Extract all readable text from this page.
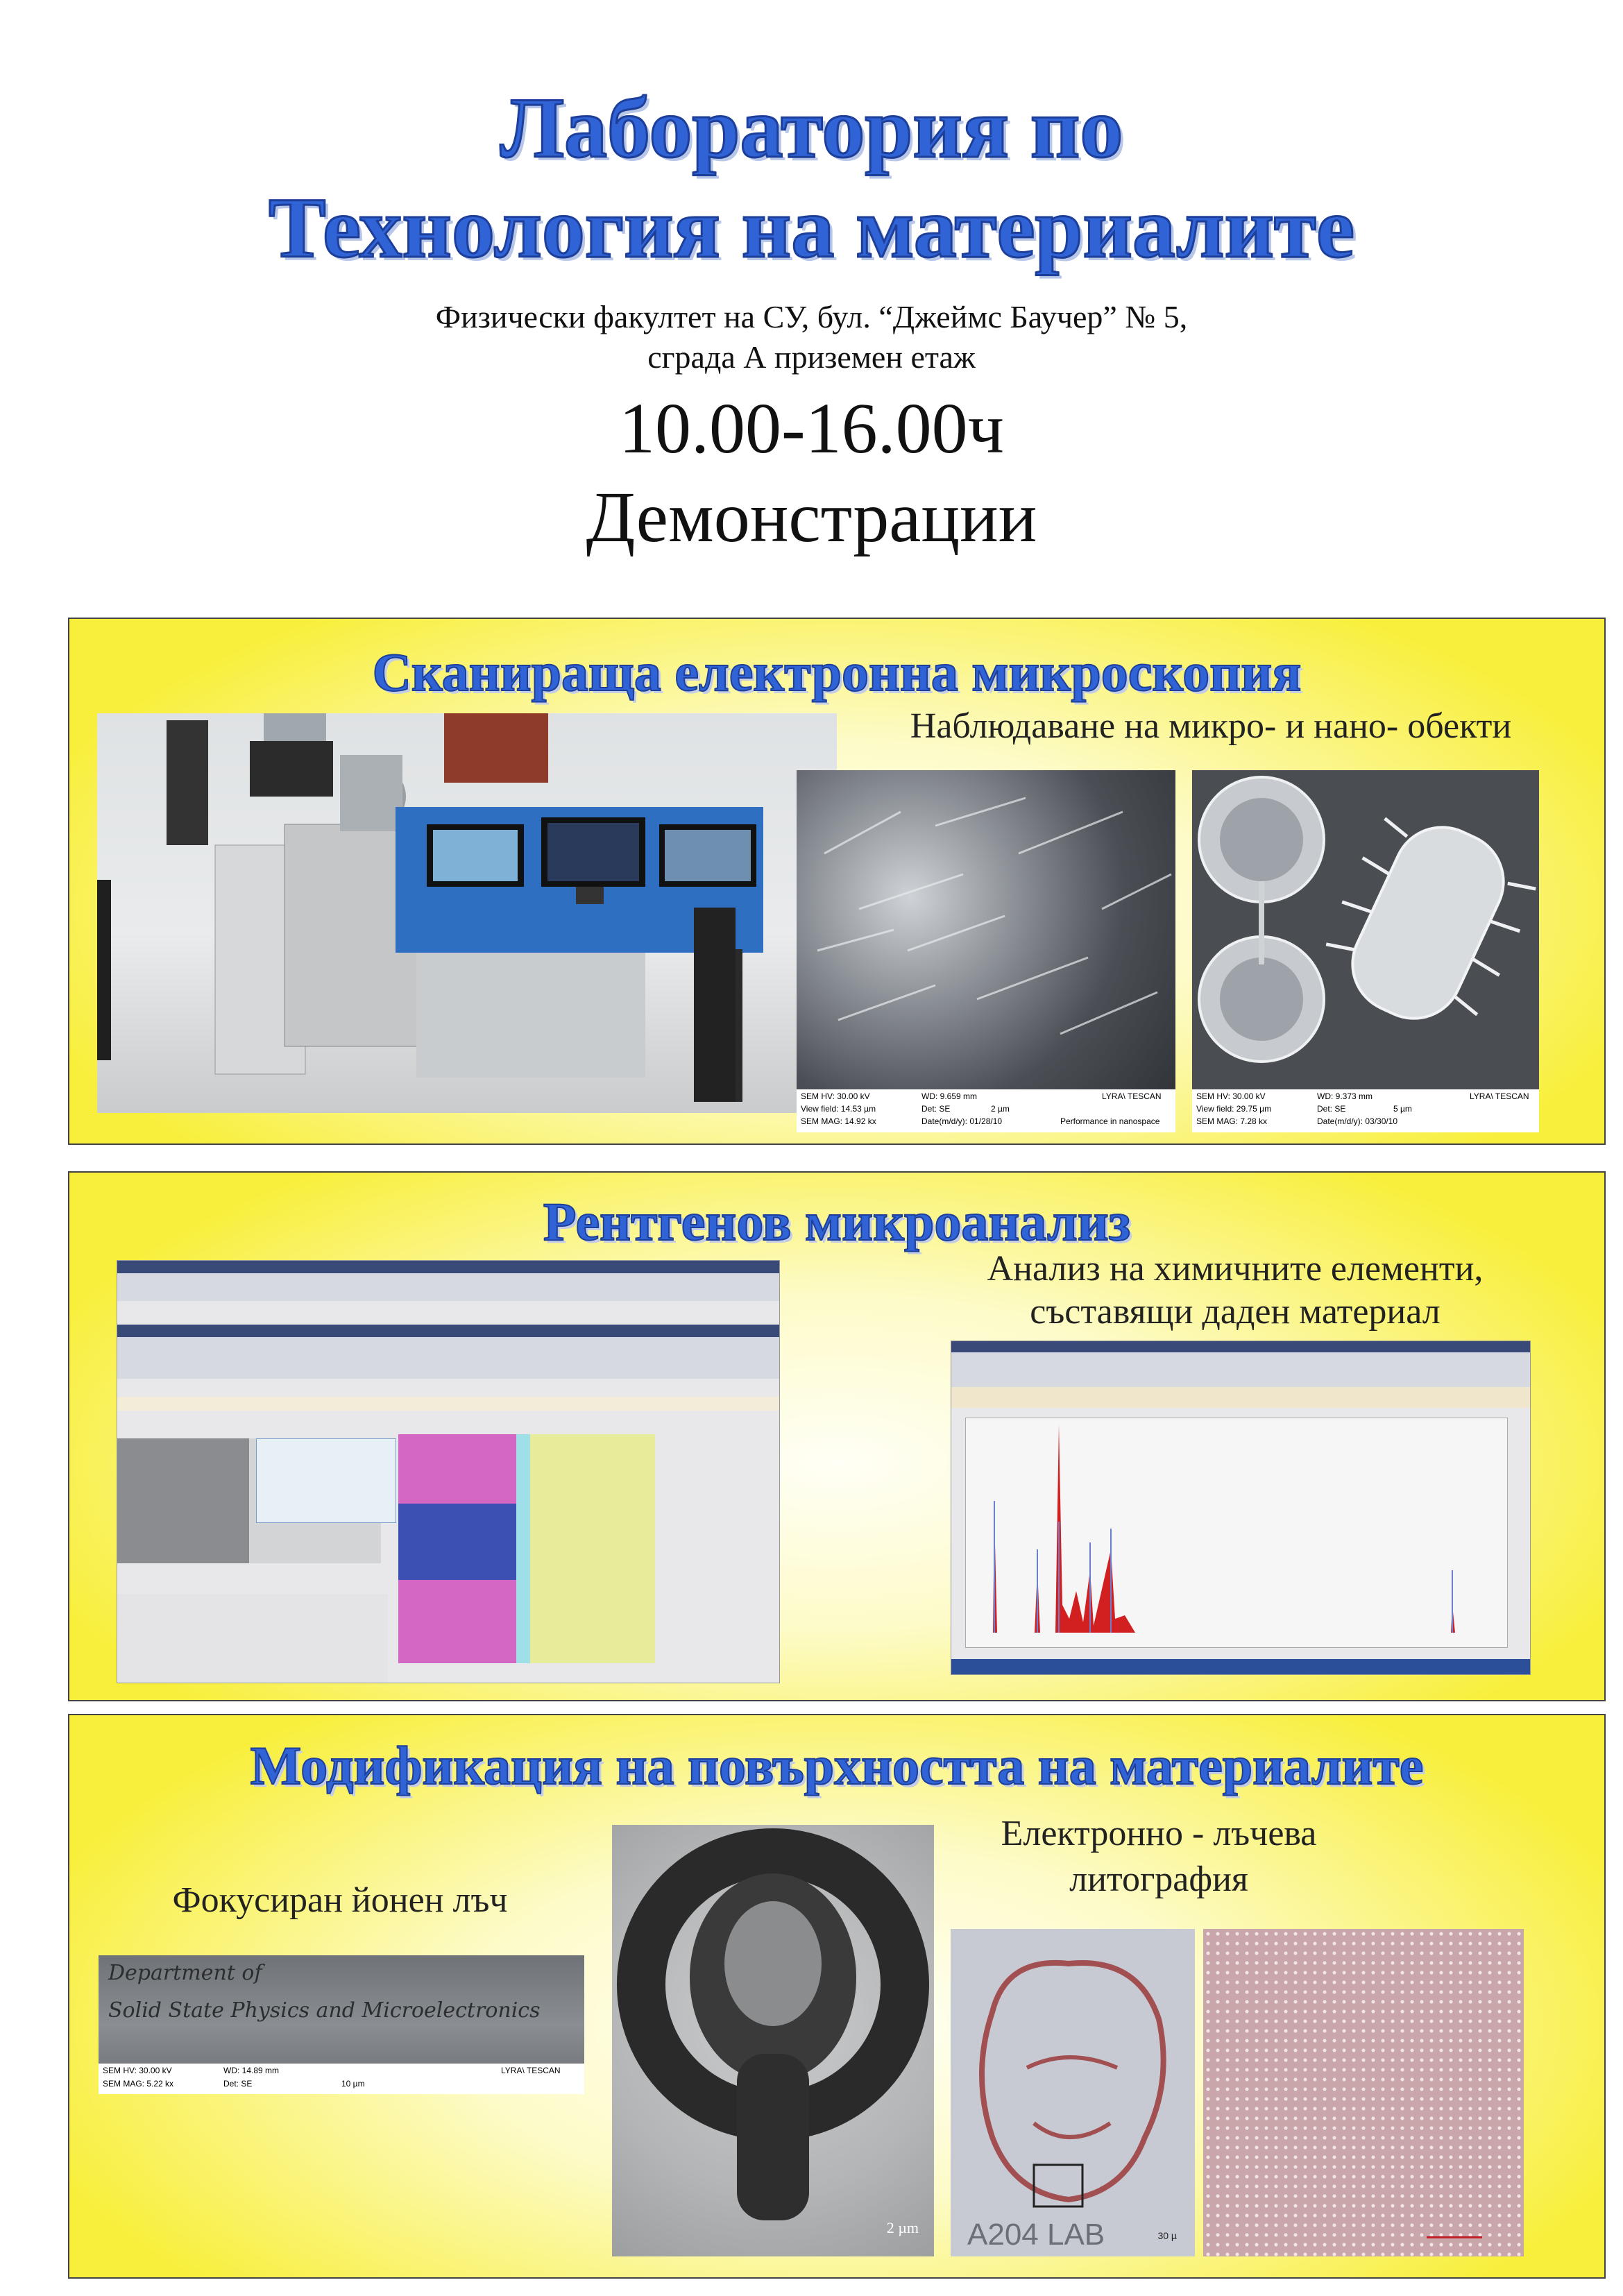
Лаборатория по
Технология на материалите
Физически факултет на СУ, бул. “Джеймс Баучер” № 5,
сграда А приземен етаж
10.00-16.00ч
Демонстрации
Сканираща електронна микроскопия
Наблюдаване на микро- и нано- обекти
SEM HV: 30.00 kV	WD: 9.659 mm	LYRA\ TESCAN
View field: 14.53 µm	Det: SE	2 µm
SEM MAG: 14.92 kx	Date(m/d/y): 01/28/10	Performance in nanospace
SEM HV: 30.00 kV	WD: 9.373 mm	LYRA\ TESCAN
View field: 29.75 µm	Det: SE	5 µm
SEM MAG: 7.28 kx	Date(m/d/y): 03/30/10
Рентгенов микроанализ
Анализ на химичните елементи,
съставящи даден материал
Модификация на повърхността на материалите
Електронно - лъчева
литография
Фокусиран йонен лъч
Department of
Solid State Physics and Microelectronics
SEM HV: 30.00 kV	WD: 14.89 mm	LYRA\ TESCAN
SEM MAG: 5.22 kx	Det: SE	10 µm
2 µm A204 LAB	30 µ
